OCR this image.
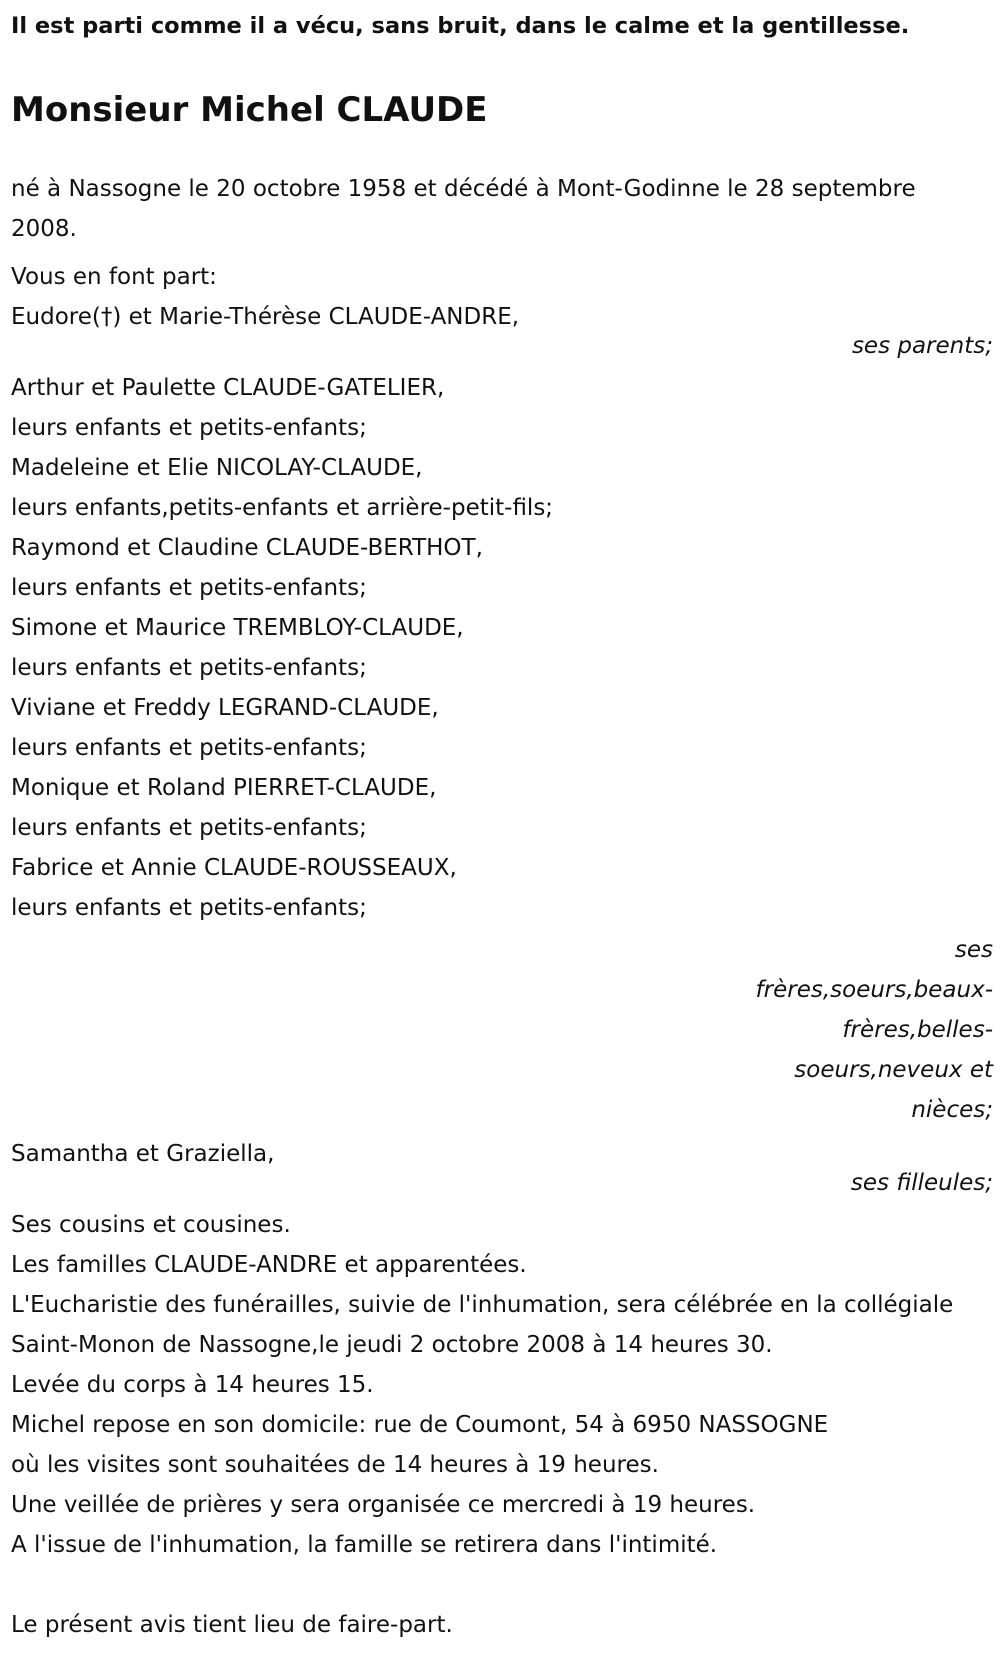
Il est parti comme il a vécu, sans bruit, dans le calme et la gentillesse.

Monsieur Michel CLAUDE
né à Nassogne le 20 octobre 1958 et décédé à Mont-Godinne le 28 septembre 2008.
Vous en font part:
Eudore(†) et Marie-Thérèse CLAUDE-ANDRE,
ses parents;
Arthur et Paulette CLAUDE-GATELIER,
leurs enfants et petits-enfants;
Madeleine et Elie NICOLAY-CLAUDE,
leurs enfants,petits-enfants et arrière-petit-fils;
Raymond et Claudine CLAUDE-BERTHOT,
leurs enfants et petits-enfants;
Simone et Maurice TREMBLOY-CLAUDE,
leurs enfants et petits-enfants;
Viviane et Freddy LEGRAND-CLAUDE,
leurs enfants et petits-enfants;
Monique et Roland PIERRET-CLAUDE,
leurs enfants et petits-enfants;
Fabrice et Annie CLAUDE-ROUSSEAUX,
leurs enfants et petits-enfants;
ses frères,soeurs,beaux-frères,belles-soeurs,neveux et nièces;
Samantha et Graziella,
ses filleules;
Ses cousins et cousines.
Les familles CLAUDE-ANDRE et apparentées.
L'Eucharistie des funérailles, suivie de l'inhumation, sera célébrée en la collégiale Saint-Monon de Nassogne,le jeudi 2 octobre 2008 à 14 heures 30.
Levée du corps à 14 heures 15.
Michel repose en son domicile: rue de Coumont, 54 à 6950 NASSOGNE
où les visites sont souhaitées de 14 heures à 19 heures.
Une veillée de prières y sera organisée ce mercredi à 19 heures.
A l'issue de l'inhumation, la famille se retirera dans l'intimité.
Le présent avis tient lieu de faire-part.
